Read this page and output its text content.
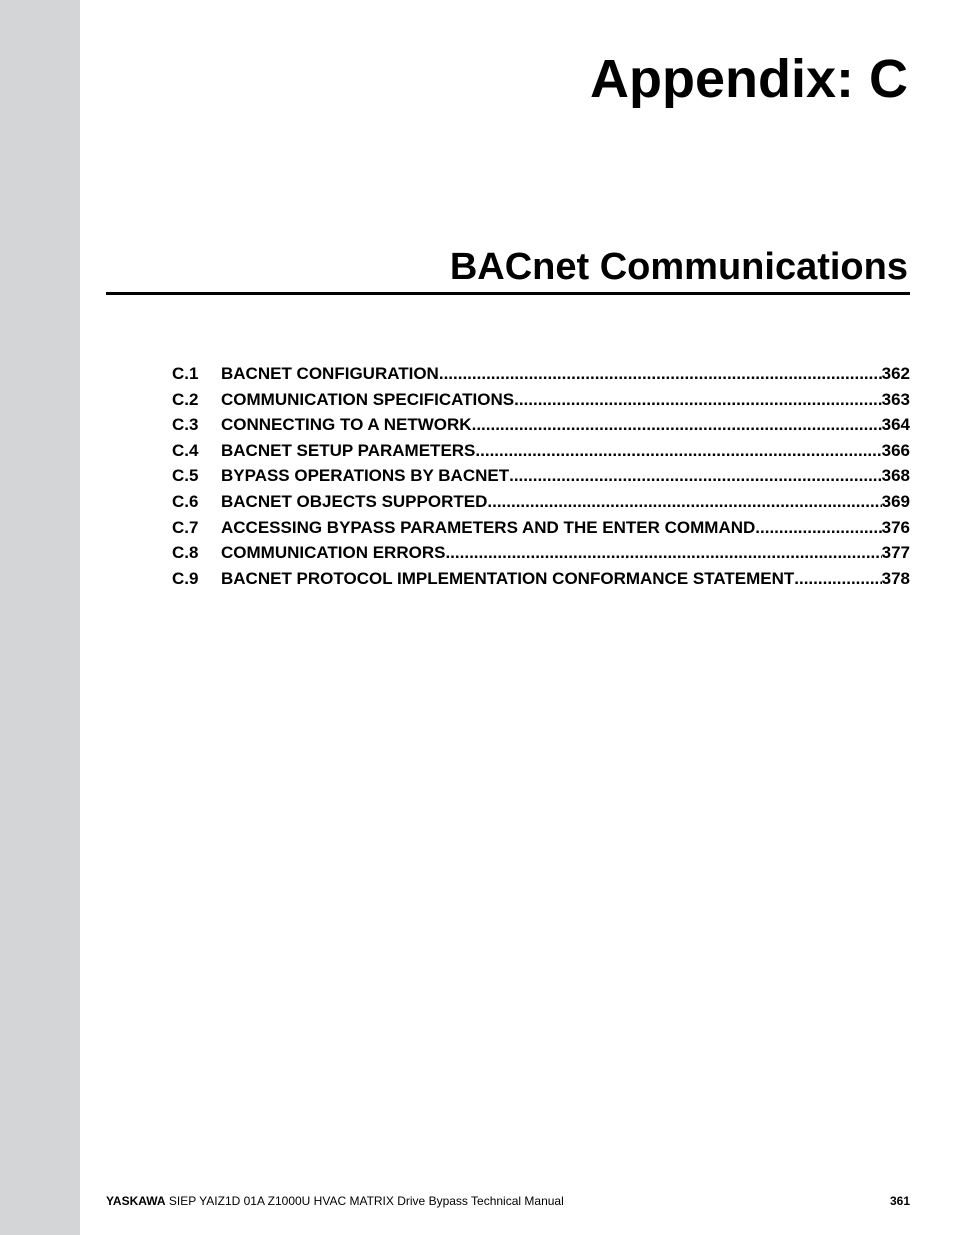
Appendix: C
BACnet Communications
C.1	BACNET CONFIGURATION .....	362
C.2	COMMUNICATION SPECIFICATIONS .....	363
C.3	CONNECTING TO A NETWORK .....	364
C.4	BACNET SETUP PARAMETERS .....	366
C.5	BYPASS OPERATIONS BY BACNET .....	368
C.6	BACNET OBJECTS SUPPORTED .....	369
C.7	ACCESSING BYPASS PARAMETERS AND THE ENTER COMMAND .....	376
C.8	COMMUNICATION ERRORS .....	377
C.9	BACNET PROTOCOL IMPLEMENTATION CONFORMANCE STATEMENT .....	378
YASKAWA SIEP YAIZ1D 01A Z1000U HVAC MATRIX Drive Bypass Technical Manual	361
